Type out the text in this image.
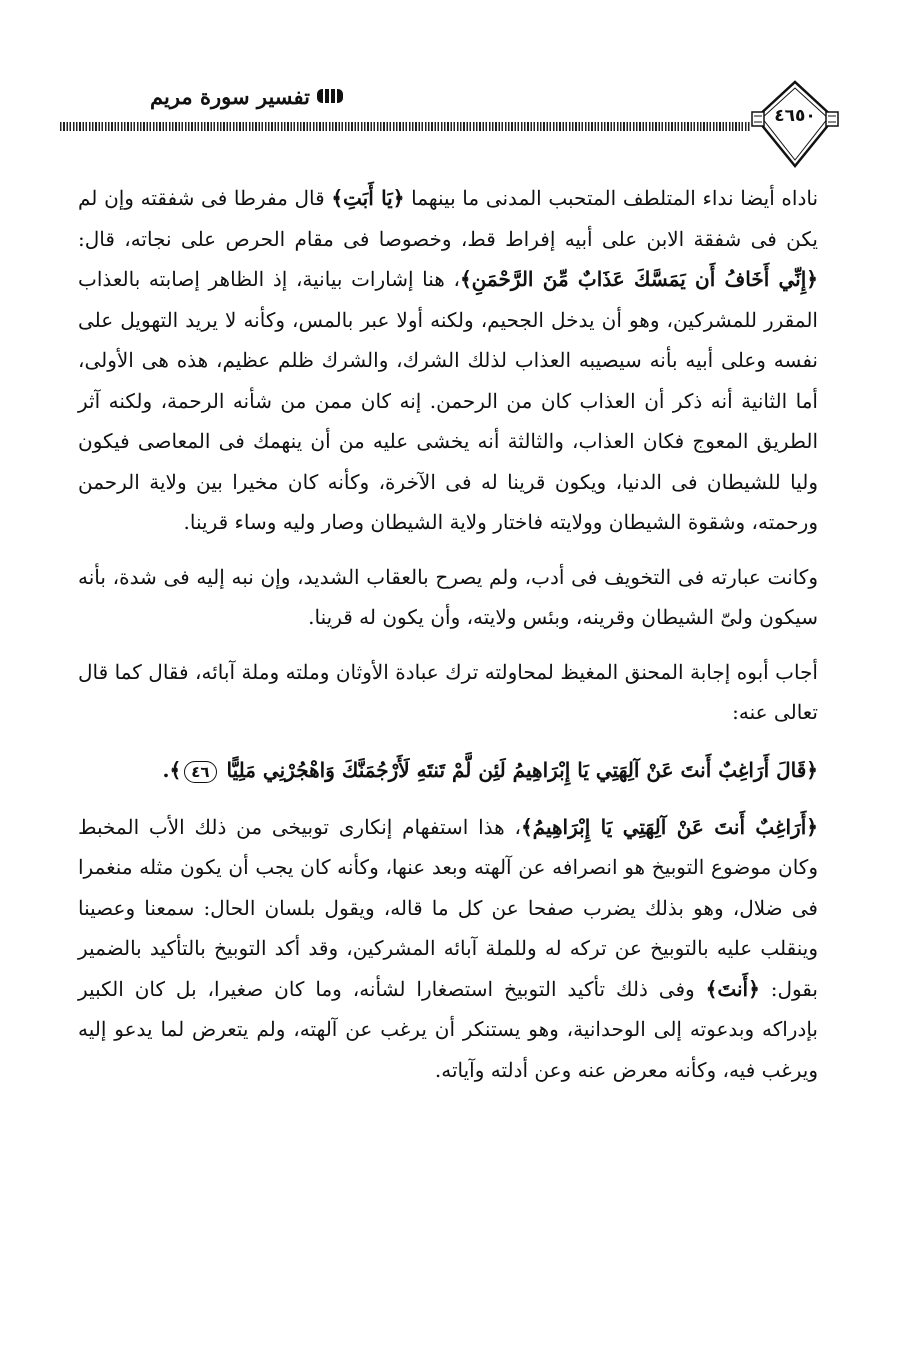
تفسير سورة مريم
٤٦٥٠

ناداه أيضا نداء المتلطف المتحبب المدنى ما بينهما ﴿يَا أَبَتِ﴾ قال مفرطا فى شفقته وإن لم يكن فى شفقة الابن على أبيه إفراط قط، وخصوصا فى مقام الحرص على نجاته، قال: ﴿إِنِّي أَخَافُ أَن يَمَسَّكَ عَذَابٌ مِّنَ الرَّحْمَنِ﴾، هنا إشارات بيانية، إذ الظاهر إصابته بالعذاب المقرر للمشركين، وهو أن يدخل الجحيم، ولكنه أولا عبر بالمس، وكأنه لا يريد التهويل على نفسه وعلى أبيه بأنه سيصيبه العذاب لذلك الشرك، والشرك ظلم عظيم، هذه هى الأولى، أما الثانية أنه ذكر أن العذاب كان من الرحمن. إنه كان ممن من شأنه الرحمة، ولكنه آثر الطريق المعوج فكان العذاب، والثالثة أنه يخشى عليه من أن ينهمك فى المعاصى فيكون وليا للشيطان فى الدنيا، ويكون قرينا له فى الآخرة، وكأنه كان مخيرا بين ولاية الرحمن ورحمته، وشقوة الشيطان وولايته فاختار ولاية الشيطان وصار وليه وساء قرينا.

وكانت عبارته فى التخويف فى أدب، ولم يصرح بالعقاب الشديد، وإن نبه إليه فى شدة، بأنه سيكون ولىّ الشيطان وقرينه، وبئس ولايته، وأن يكون له قرينا.

أجاب أبوه إجابة المحنق المغيظ لمحاولته ترك عبادة الأوثان وملته وملة آبائه، فقال كما قال تعالى عنه:

﴿قَالَ أَرَاغِبٌ أَنتَ عَنْ آلِهَتِي يَا إِبْرَاهِيمُ لَئِن لَّمْ تَنتَهِ لَأَرْجُمَنَّكَ وَاهْجُرْنِي مَلِيًّا ٤٦﴾.

﴿أَرَاغِبٌ أَنتَ عَنْ آلِهَتِي يَا إِبْرَاهِيمُ﴾، هذا استفهام إنكارى توبيخى من ذلك الأب المخبط وكان موضوع التوبيخ هو انصرافه عن آلهته وبعد عنها، وكأنه كان يجب أن يكون مثله منغمرا فى ضلال، وهو بذلك يضرب صفحا عن كل ما قاله، ويقول بلسان الحال: سمعنا وعصينا وينقلب عليه بالتوبيخ عن تركه له وللملة آبائه المشركين، وقد أكد التوبيخ بالتأكيد بالضمير بقول: ﴿أَنتَ﴾ وفى ذلك تأكيد التوبيخ استصغارا لشأنه، وما كان صغيرا، بل كان الكبير بإدراكه وبدعوته إلى الوحدانية، وهو يستنكر أن يرغب عن آلهته، ولم يتعرض لما يدعو إليه ويرغب فيه، وكأنه معرض عنه وعن أدلته وآياته.
